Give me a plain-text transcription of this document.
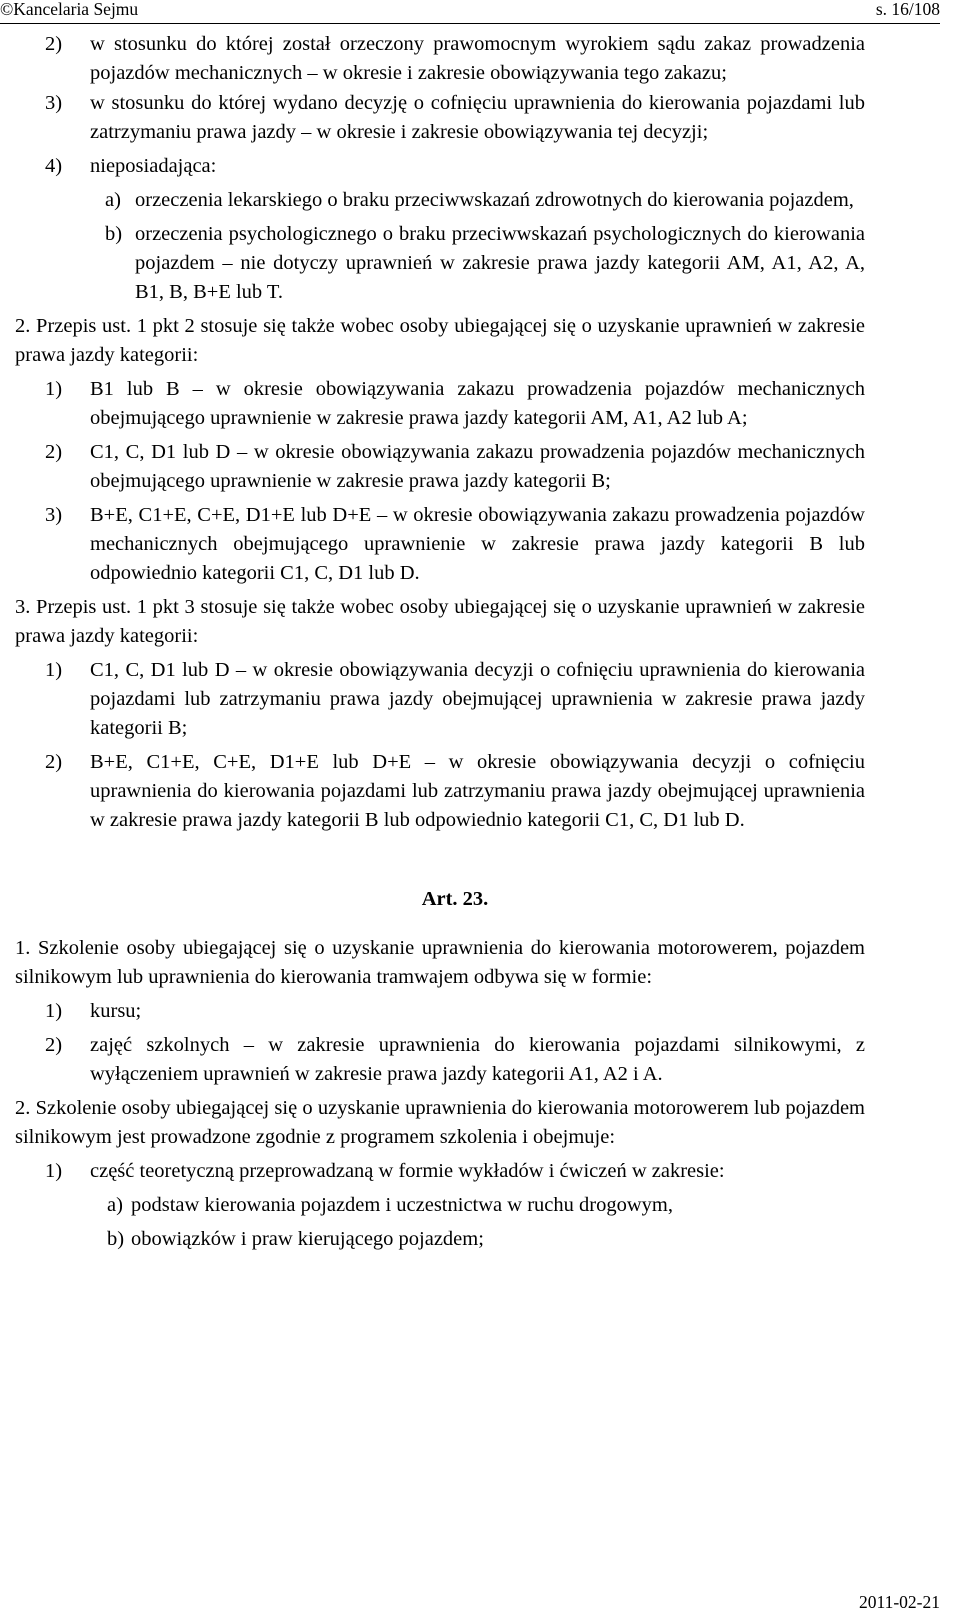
©Kancelaria Sejmu	s. 16/108
2) w stosunku do której został orzeczony prawomocnym wyrokiem sądu zakaz prowadzenia pojazdów mechanicznych – w okresie i zakresie obowiązywania tego zakazu;
3) w stosunku do której wydano decyzję o cofnięciu uprawnienia do kierowania pojazdami lub zatrzymaniu prawa jazdy – w okresie i zakresie obowiązywania tej decyzji;
4) nieposiadająca:
a) orzeczenia lekarskiego o braku przeciwwskazań zdrowotnych do kierowania pojazdem,
b) orzeczenia psychologicznego o braku przeciwwskazań psychologicznych do kierowania pojazdem – nie dotyczy uprawnień w zakresie prawa jazdy kategorii AM, A1, A2, A, B1, B, B+E lub T.
2. Przepis ust. 1 pkt 2 stosuje się także wobec osoby ubiegającej się o uzyskanie uprawnień w zakresie prawa jazdy kategorii:
1) B1 lub B – w okresie obowiązywania zakazu prowadzenia pojazdów mechanicznych obejmującego uprawnienie w zakresie prawa jazdy kategorii AM, A1, A2 lub A;
2) C1, C, D1 lub D – w okresie obowiązywania zakazu prowadzenia pojazdów mechanicznych obejmującego uprawnienie w zakresie prawa jazdy kategorii B;
3) B+E, C1+E, C+E, D1+E lub D+E – w okresie obowiązywania zakazu prowadzenia pojazdów mechanicznych obejmującego uprawnienie w zakresie prawa jazdy kategorii B lub odpowiednio kategorii C1, C, D1 lub D.
3. Przepis ust. 1 pkt 3 stosuje się także wobec osoby ubiegającej się o uzyskanie uprawnień w zakresie prawa jazdy kategorii:
1) C1, C, D1 lub D – w okresie obowiązywania decyzji o cofnięciu uprawnienia do kierowania pojazdami lub zatrzymaniu prawa jazdy obejmującej uprawnienia w zakresie prawa jazdy kategorii B;
2) B+E, C1+E, C+E, D1+E lub D+E – w okresie obowiązywania decyzji o cofnięciu uprawnienia do kierowania pojazdami lub zatrzymaniu prawa jazdy obejmującej uprawnienia w zakresie prawa jazdy kategorii B lub odpowiednio kategorii C1, C, D1 lub D.
Art. 23.
1. Szkolenie osoby ubiegającej się o uzyskanie uprawnienia do kierowania motorowerem, pojazdem silnikowym lub uprawnienia do kierowania tramwajem odbywa się w formie:
1) kursu;
2) zajęć szkolnych – w zakresie uprawnienia do kierowania pojazdami silnikowymi, z wyłączeniem uprawnień w zakresie prawa jazdy kategorii A1, A2 i A.
2. Szkolenie osoby ubiegającej się o uzyskanie uprawnienia do kierowania motorowerem lub pojazdem silnikowym jest prowadzone zgodnie z programem szkolenia i obejmuje:
1) część teoretyczną przeprowadzaną w formie wykładów i ćwiczeń w zakresie:
a) podstaw kierowania pojazdem i uczestnictwa w ruchu drogowym,
b) obowiązków i praw kierującego pojazdem;
2011-02-21
